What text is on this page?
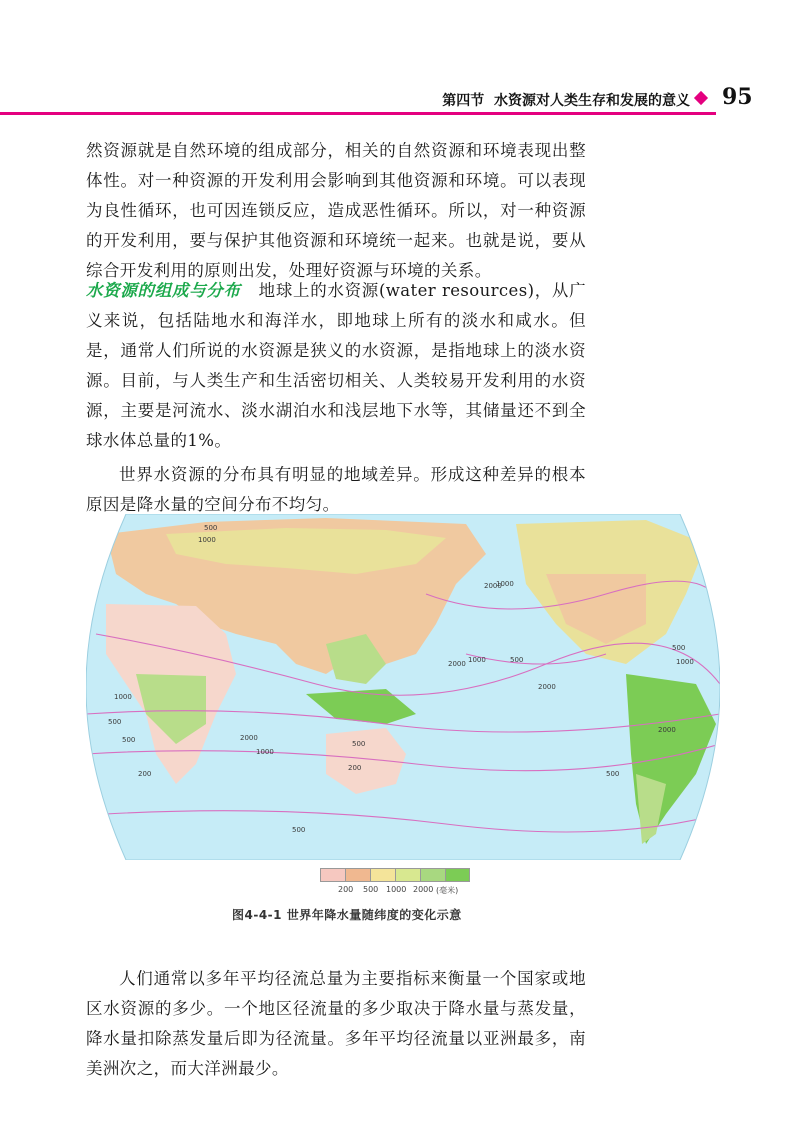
第四节 水资源对人类生存和发展的意义 95

然资源就是自然环境的组成部分，相关的自然资源和环境表现出整体性。对一种资源的开发利用会影响到其他资源和环境。可以表现为良性循环，也可因连锁反应，造成恶性循环。所以，对一种资源的开发利用，要与保护其他资源和环境统一起来。也就是说，要从综合开发利用的原则出发，处理好资源与环境的关系。

水资源的组成与分布 地球上的水资源(water resources)，从广义来说，包括陆地水和海洋水，即地球上所有的淡水和咸水。但是，通常人们所说的水资源是狭义的水资源，是指地球上的淡水资源。目前，与人类生产和生活密切相关、人类较易开发利用的水资源，主要是河流水、淡水湖泊水和浅层地下水等，其储量还不到全球水体总量的1%。

世界水资源的分布具有明显的地域差异。形成这种差异的根本原因是降水量的空间分布不均匀。

500
1000
1000
2000
1000
2000	500	1000
500
2000
1000
2000
500
1000
2000
500
200
500
200
500
500
200 500 1000 2000 (毫米)
图4-4-1 世界年降水量随纬度的变化示意

人们通常以多年平均径流总量为主要指标来衡量一个国家或地区水资源的多少。一个地区径流量的多少取决于降水量与蒸发量，降水量扣除蒸发量后即为径流量。多年平均径流量以亚洲最多，南美洲次之，而大洋洲最少。
